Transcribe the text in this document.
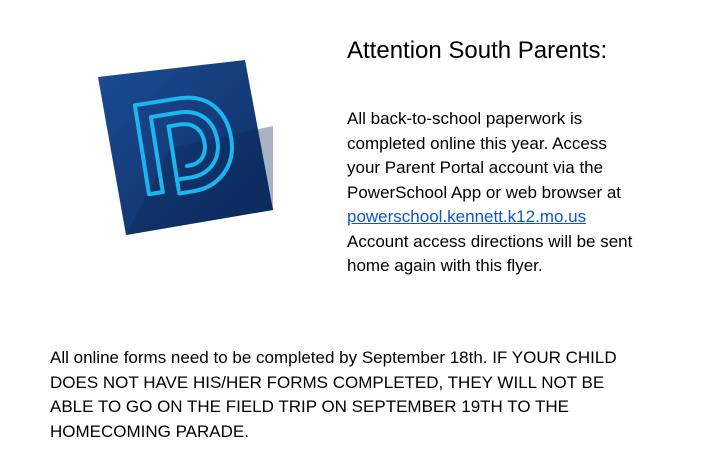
Attention South Parents:
All back-to-school paperwork is
completed online this year. Access
your Parent Portal account via the
PowerSchool App or web browser at
powerschool.kennett.k12.mo.us
Account access directions will be sent
home again with this flyer.
All online forms need to be completed by September 18th. IF YOUR CHILD
DOES NOT HAVE HIS/HER FORMS COMPLETED, THEY WILL NOT BE
ABLE TO GO ON THE FIELD TRIP ON SEPTEMBER 19TH TO THE
HOMECOMING PARADE.
